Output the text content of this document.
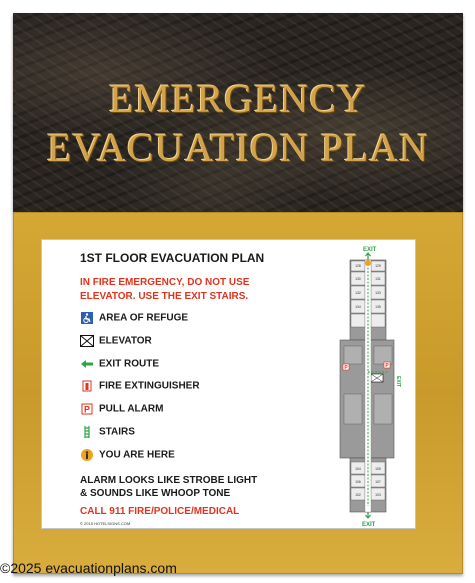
EMERGENCY
EVACUATION PLAN
1ST FLOOR EVACUATION PLAN
IN FIRE EMERGENCY, DO NOT USE ELEVATOR. USE THE EXIT STAIRS.
AREA OF REFUGE
ELEVATOR
EXIT ROUTE
FIRE EXTINGUISHER
P PULL ALARM
STAIRS
YOU ARE HERE
ALARM LOOKS LIKE STROBE LIGHT
& SOUNDS LIKE WHOOP TONE
CALL 911 FIRE/POLICE/MEDICAL
© 2015 HOTELSIGNS.COM
EXIT
EXIT
EXIT
P	P
128	129
130	131
132	133
134	135
104	105
106	107
102	103
©2025 evacuationplans.com
